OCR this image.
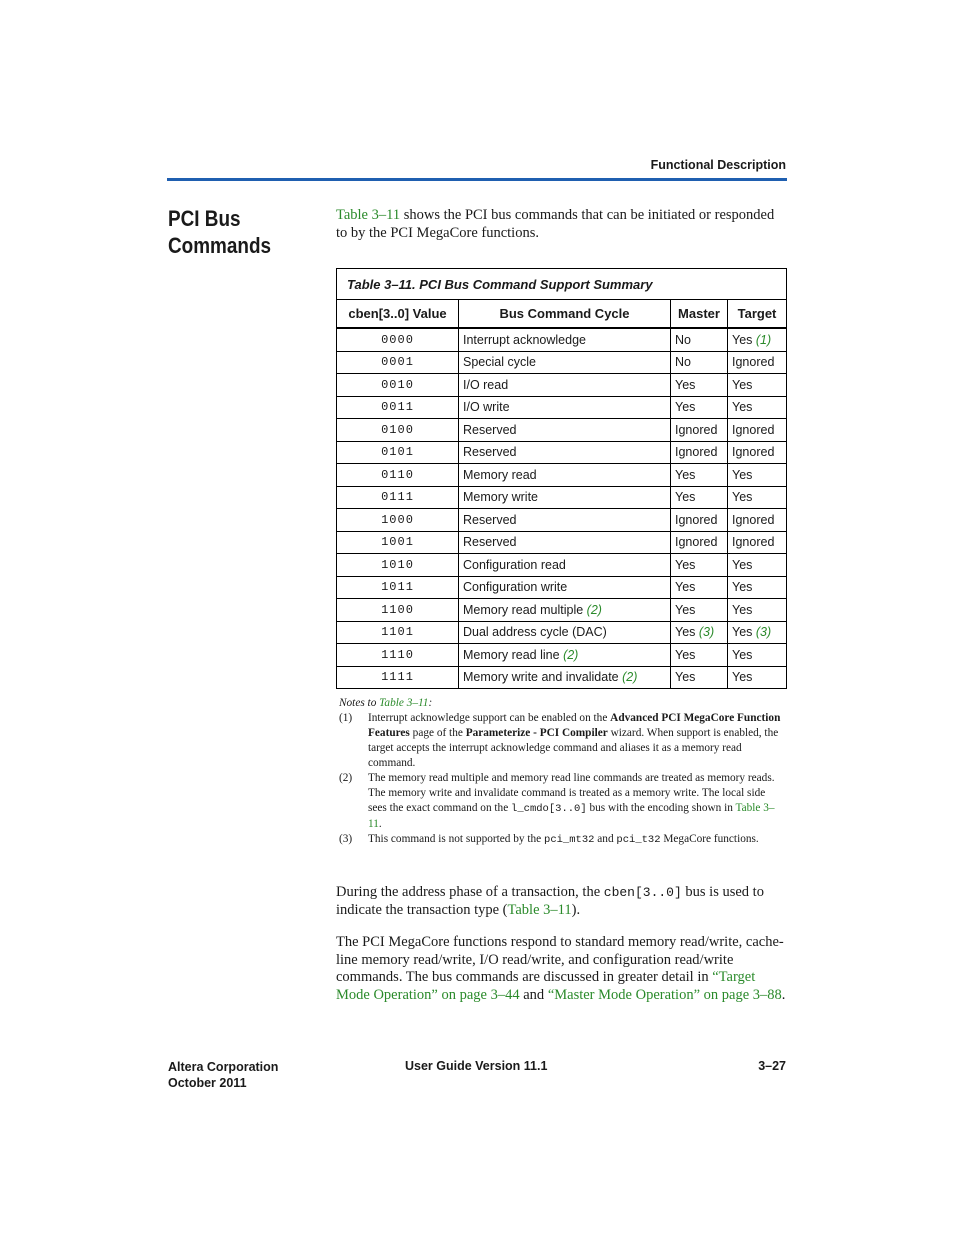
Functional Description
PCI Bus
Commands
Table 3–11 shows the PCI bus commands that can be initiated or responded to by the PCI MegaCore functions.
Table 3–11. PCI Bus Command Support Summary			
cben[3..0] Value	Bus Command Cycle	Master	Target
0000	Interrupt acknowledge	No	Yes (1)
0001	Special cycle	No	Ignored
0010	I/O read	Yes	Yes
0011	I/O write	Yes	Yes
0100	Reserved	Ignored	Ignored
0101	Reserved	Ignored	Ignored
0110	Memory read	Yes	Yes
0111	Memory write	Yes	Yes
1000	Reserved	Ignored	Ignored
1001	Reserved	Ignored	Ignored
1010	Configuration read	Yes	Yes
1011	Configuration write	Yes	Yes
1100	Memory read multiple (2)	Yes	Yes
1101	Dual address cycle (DAC)	Yes (3)	Yes (3)
1110	Memory read line (2)	Yes	Yes
1111	Memory write and invalidate (2)	Yes	Yes
Notes to Table 3–11:
(1) Interrupt acknowledge support can be enabled on the Advanced PCI MegaCore Function Features page of the Parameterize - PCI Compiler wizard. When support is enabled, the target accepts the interrupt acknowledge command and aliases it as a memory read command.
(2) The memory read multiple and memory read line commands are treated as memory reads. The memory write and invalidate command is treated as a memory write. The local side sees the exact command on the l_cmdo[3..0] bus with the encoding shown in Table 3–11.
(3) This command is not supported by the pci_mt32 and pci_t32 MegaCore functions.
During the address phase of a transaction, the cben[3..0] bus is used to indicate the transaction type (Table 3–11).
The PCI MegaCore functions respond to standard memory read/write, cache-line memory read/write, I/O read/write, and configuration read/write commands. The bus commands are discussed in greater detail in “Target Mode Operation” on page 3–44 and “Master Mode Operation” on page 3–88.
Altera Corporation
October 2011
User Guide Version 11.1	3–27
